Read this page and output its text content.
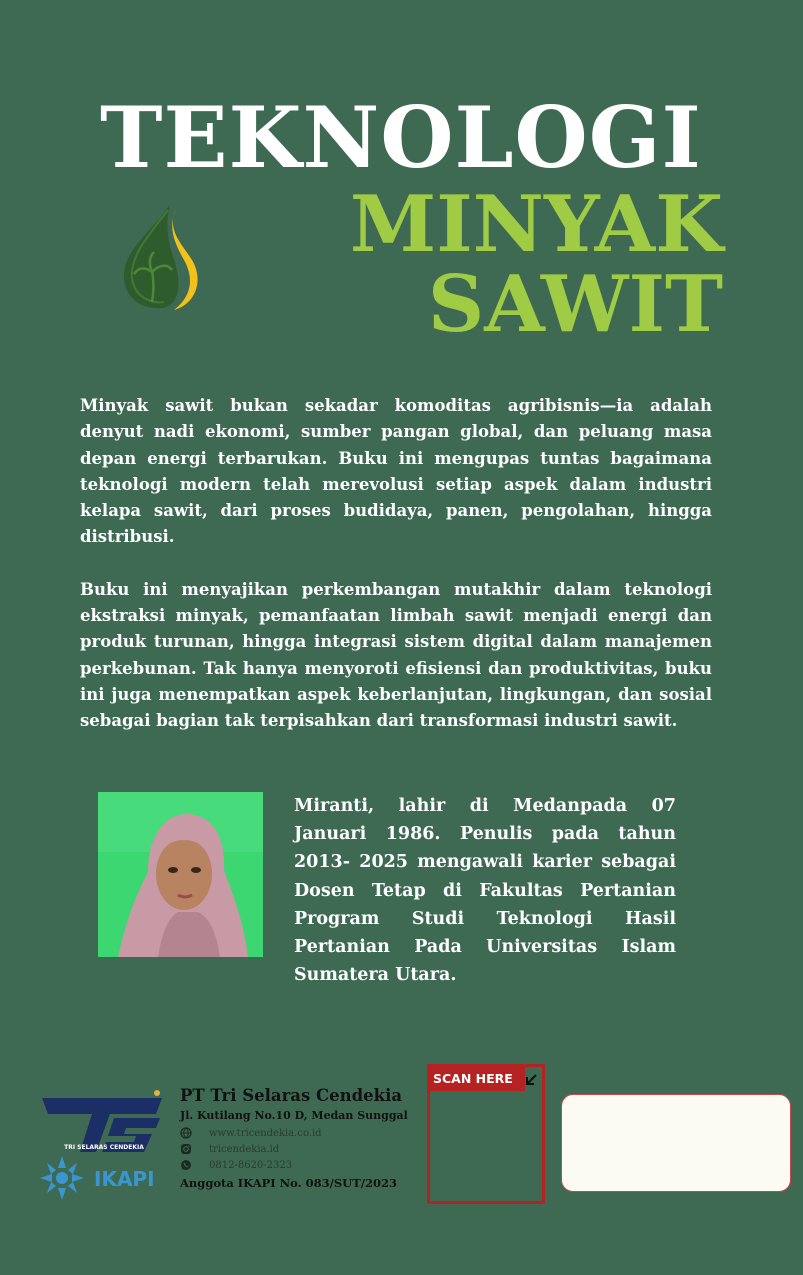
TEKNOLOGI
MINYAK
SAWIT

Minyak sawit bukan sekadar komoditas agribisnis—ia adalah denyut nadi ekonomi, sumber pangan global, dan peluang masa depan energi terbarukan. Buku ini mengupas tuntas bagaimana teknologi modern telah merevolusi setiap aspek dalam industri kelapa sawit, dari proses budidaya, panen, pengolahan, hingga distribusi.

Buku ini menyajikan perkembangan mutakhir dalam teknologi ekstraksi minyak, pemanfaatan limbah sawit menjadi energi dan produk turunan, hingga integrasi sistem digital dalam manajemen perkebunan. Tak hanya menyoroti efisiensi dan produktivitas, buku ini juga menempatkan aspek keberlanjutan, lingkungan, dan sosial sebagai bagian tak terpisahkan dari transformasi industri sawit.

Miranti, lahir di Medanpada 07 Januari 1986. Penulis pada tahun 2013- 2025 mengawali karier sebagai Dosen Tetap di Fakultas Pertanian Program Studi Teknologi Hasil Pertanian Pada Universitas Islam Sumatera Utara.
TRI SELARAS CENDEKIA
IKAPI
PT Tri Selaras Cendekia
Jl. Kutilang No.10 D, Medan Sunggal
www.tricendekia.co.id
tricendekia.id
0812-8620-2323
Anggota IKAPI No. 083/SUT/2023
SCAN HERE
